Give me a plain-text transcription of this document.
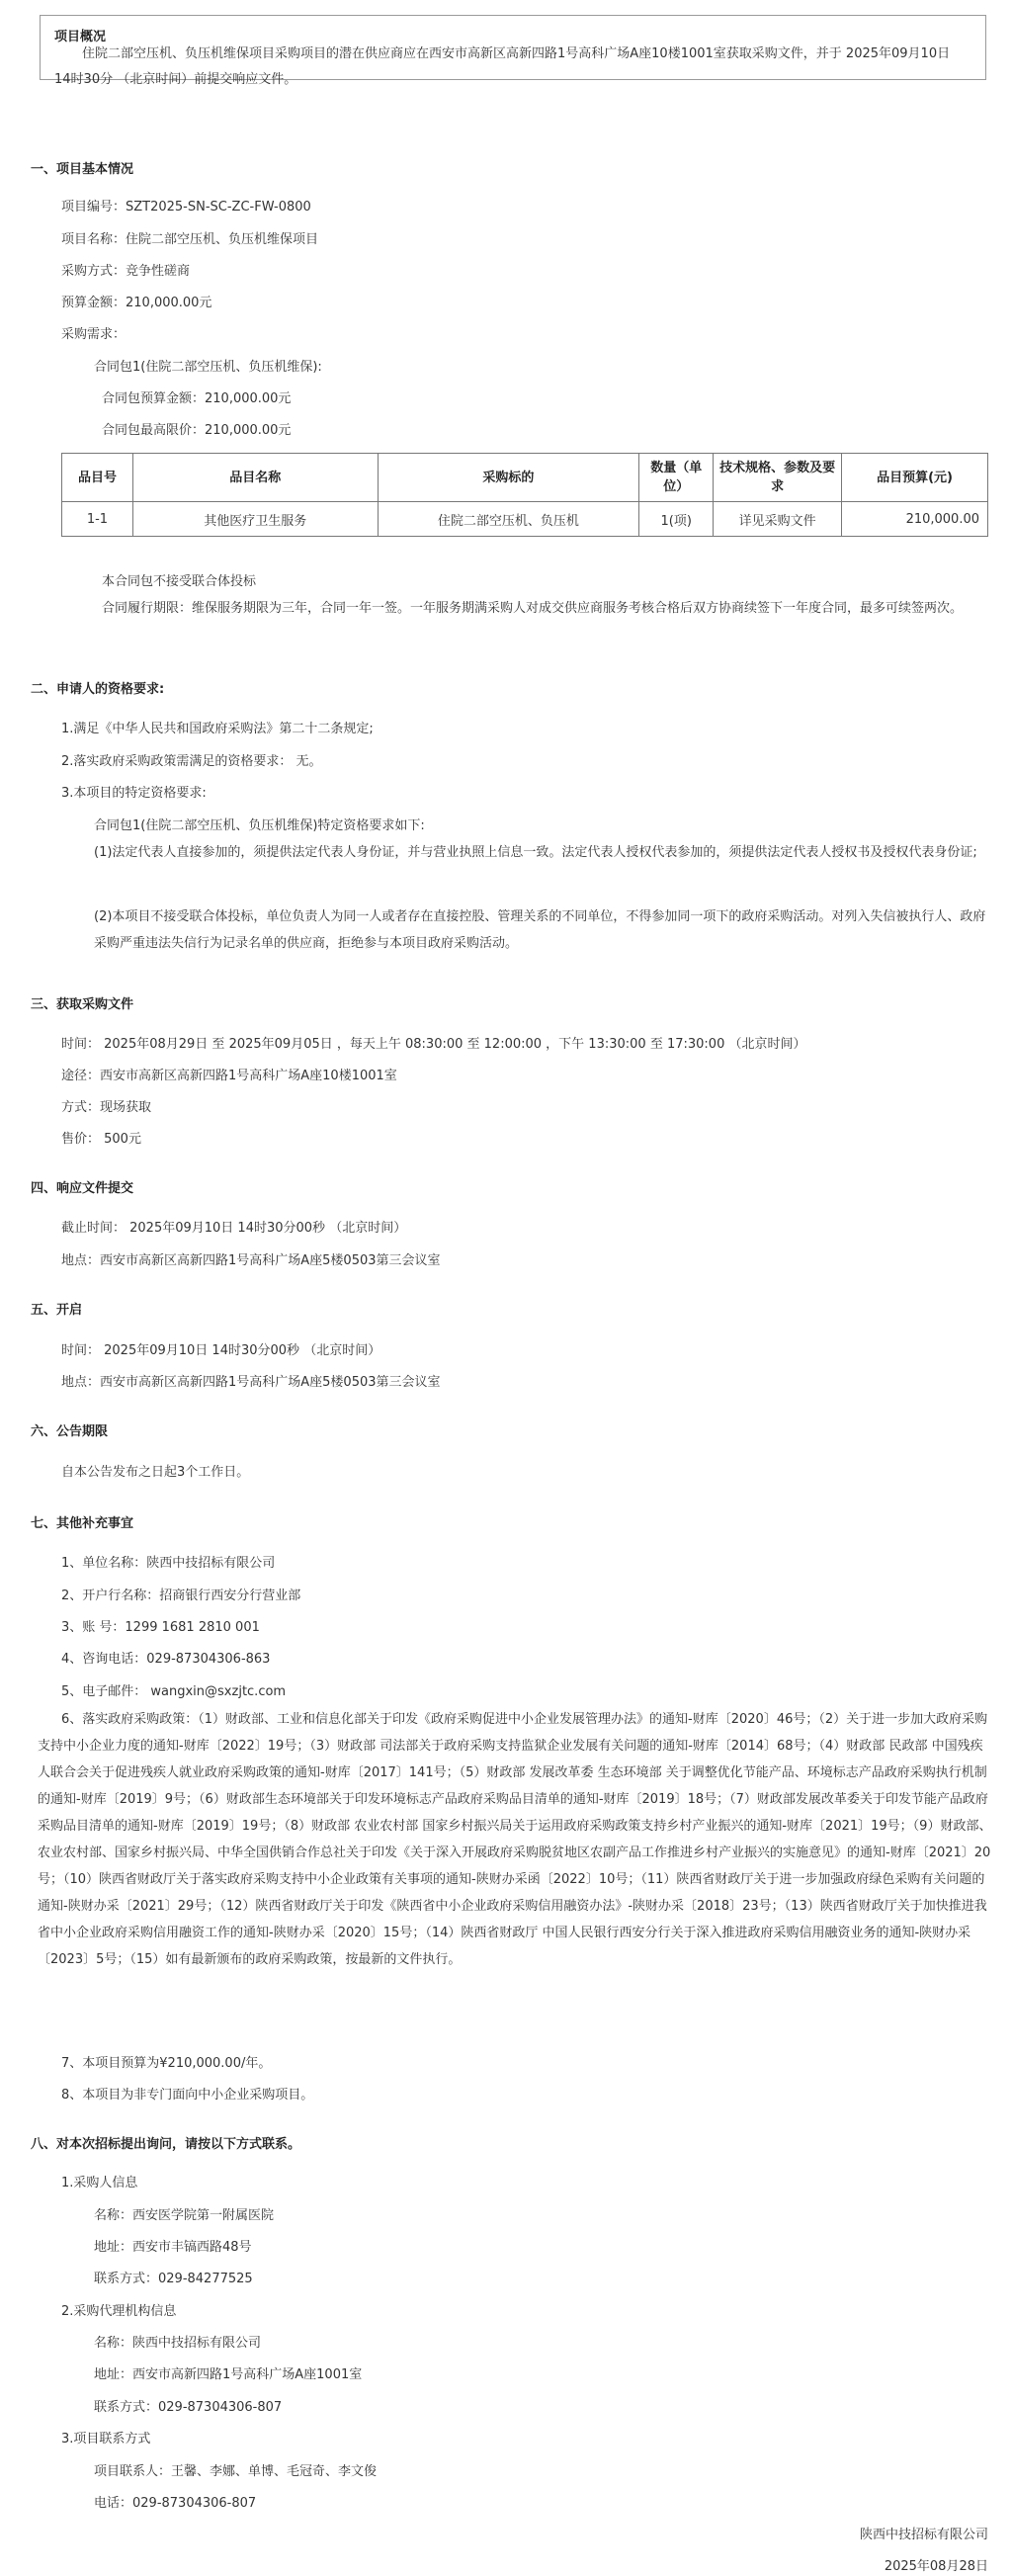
项目概况
住院二部空压机、负压机维保项目采购项目的潜在供应商应在西安市高新区高新四路1号高科广场A座10楼1001室获取采购文件，并于 2025年09月10日 14时30分 （北京时间）前提交响应文件。
一、项目基本情况
项目编号：SZT2025-SN-SC-ZC-FW-0800
项目名称：住院二部空压机、负压机维保项目
采购方式：竞争性磋商
预算金额：210,000.00元
采购需求：
合同包1(住院二部空压机、负压机维保):
合同包预算金额：210,000.00元
合同包最高限价：210,000.00元
品目号	品目名称	采购标的	数量（单位）	技术规格、参数及要求	品目预算(元)
1-1	其他医疗卫生服务	住院二部空压机、负压机	1(项)	详见采购文件	210,000.00
本合同包不接受联合体投标
合同履行期限：维保服务期限为三年，合同一年一签。一年服务期满采购人对成交供应商服务考核合格后双方协商续签下一年度合同，最多可续签两次。
二、申请人的资格要求:
1.满足《中华人民共和国政府采购法》第二十二条规定;
2.落实政府采购政策需满足的资格要求： 无。
3.本项目的特定资格要求:
合同包1(住院二部空压机、负压机维保)特定资格要求如下:
(1)法定代表人直接参加的，须提供法定代表人身份证，并与营业执照上信息一致。法定代表人授权代表参加的，须提供法定代表人授权书及授权代表身份证;
(2)本项目不接受联合体投标，单位负责人为同一人或者存在直接控股、管理关系的不同单位，不得参加同一项下的政府采购活动。对列入失信被执行人、政府采购严重违法失信行为记录名单的供应商，拒绝参与本项目政府采购活动。
三、获取采购文件
时间： 2025年08月29日 至 2025年09月05日 ，每天上午 08:30:00 至 12:00:00 ，下午 13:30:00 至 17:30:00 （北京时间）
途径：西安市高新区高新四路1号高科广场A座10楼1001室
方式：现场获取
售价： 500元
四、响应文件提交
截止时间： 2025年09月10日 14时30分00秒 （北京时间）
地点：西安市高新区高新四路1号高科广场A座5楼0503第三会议室
五、开启
时间： 2025年09月10日 14时30分00秒 （北京时间）
地点：西安市高新区高新四路1号高科广场A座5楼0503第三会议室
六、公告期限
自本公告发布之日起3个工作日。
七、其他补充事宜
1、单位名称：陕西中技招标有限公司
2、开户行名称：招商银行西安分行营业部
3、账 号：1299 1681 2810 001
4、咨询电话：029-87304306-863
5、电子邮件： wangxin@sxzjtc.com
6、落实政府采购政策：（1）财政部、工业和信息化部关于印发《政府采购促进中小企业发展管理办法》的通知-财库〔2020〕46号；（2）关于进一步加大政府采购支持中小企业力度的通知-财库〔2022〕19号；（3）财政部 司法部关于政府采购支持监狱企业发展有关问题的通知-财库〔2014〕68号；（4）财政部 民政部 中国残疾人联合会关于促进残疾人就业政府采购政策的通知-财库〔2017〕141号；（5）财政部 发展改革委 生态环境部 关于调整优化节能产品、环境标志产品政府采购执行机制的通知-财库〔2019〕9号；（6）财政部生态环境部关于印发环境标志产品政府采购品目清单的通知-财库〔2019〕18号；（7）财政部发展改革委关于印发节能产品政府采购品目清单的通知-财库〔2019〕19号；（8）财政部 农业农村部 国家乡村振兴局关于运用政府采购政策支持乡村产业振兴的通知-财库〔2021〕19号；（9）财政部、农业农村部、国家乡村振兴局、中华全国供销合作总社关于印发《关于深入开展政府采购脱贫地区农副产品工作推进乡村产业振兴的实施意见》的通知-财库〔2021〕20号；（10）陕西省财政厅关于落实政府采购支持中小企业政策有关事项的通知-陕财办采函〔2022〕10号；（11）陕西省财政厅关于进一步加强政府绿色采购有关问题的通知-陕财办采〔2021〕29号；（12）陕西省财政厅关于印发《陕西省中小企业政府采购信用融资办法》-陕财办采〔2018〕23号；（13）陕西省财政厅关于加快推进我省中小企业政府采购信用融资工作的通知-陕财办采〔2020〕15号；（14）陕西省财政厅 中国人民银行西安分行关于深入推进政府采购信用融资业务的通知-陕财办采〔2023〕5号；（15）如有最新颁布的政府采购政策，按最新的文件执行。
7、本项目预算为¥210,000.00/年。
8、本项目为非专门面向中小企业采购项目。
八、对本次招标提出询问，请按以下方式联系。
1.采购人信息
名称：西安医学院第一附属医院
地址：西安市丰镐西路48号
联系方式：029-84277525
2.采购代理机构信息
名称：陕西中技招标有限公司
地址：西安市高新四路1号高科广场A座1001室
联系方式：029-87304306-807
3.项目联系方式
项目联系人：王馨、李娜、单博、毛冠奇、李文俊
电话：029-87304306-807
陕西中技招标有限公司
2025年08月28日
